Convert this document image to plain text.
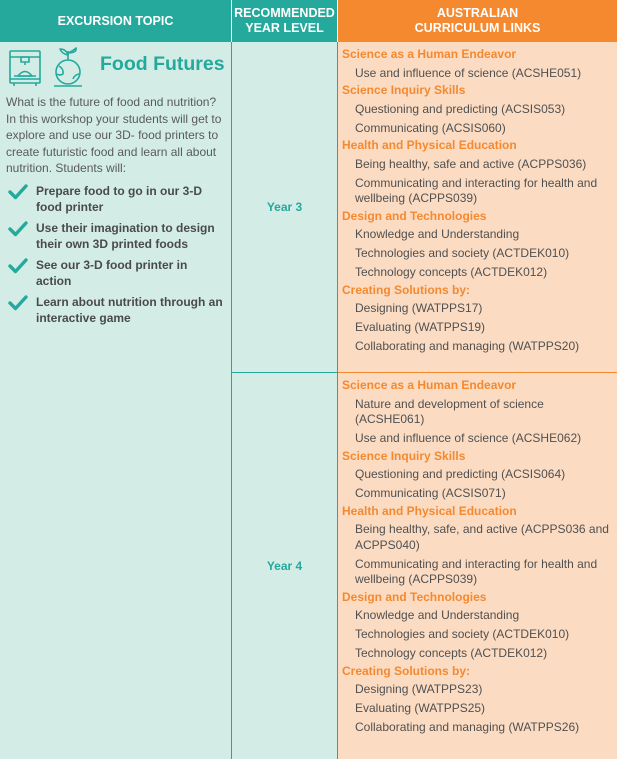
EXCURSION TOPIC
RECOMMENDED
YEAR LEVEL
AUSTRALIAN
CURRICULUM LINKS
Food Futures
What is the future of food and nutrition? In this workshop your students will get to explore and use our 3D- food printers to create futuristic food and learn all about nutrition. Students will:
Prepare food to go in our 3-D food printer
Use their imagination to design their own 3D printed foods
See our 3-D food printer in action
Learn about nutrition through an interactive game
Year 3
Year 4
Science as a Human Endeavor
Use and influence of science (ACSHE051)
Science Inquiry Skills
Questioning and predicting (ACSIS053)
Communicating (ACSIS060)
Health and Physical Education
Being healthy, safe and active (ACPPS036)
Communicating and interacting for health and wellbeing (ACPPS039)
Design and Technologies
Knowledge and Understanding
Technologies and society (ACTDEK010)
Technology concepts (ACTDEK012)
Creating Solutions by:
Designing (WATPPS17)
Evaluating (WATPPS19)
Collaborating and managing (WATPPS20)
Science as a Human Endeavor
Nature and development of science (ACSHE061)
Use and influence of science (ACSHE062)
Science Inquiry Skills
Questioning and predicting (ACSIS064)
Communicating (ACSIS071)
Health and Physical Education
Being healthy, safe, and active (ACPPS036 and ACPPS040)
Communicating and interacting for health and wellbeing (ACPPS039)
Design and Technologies
Knowledge and Understanding
Technologies and society (ACTDEK010)
Technology concepts (ACTDEK012)
Creating Solutions by:
Designing (WATPPS23)
Evaluating (WATPPS25)
Collaborating and managing (WATPPS26)
